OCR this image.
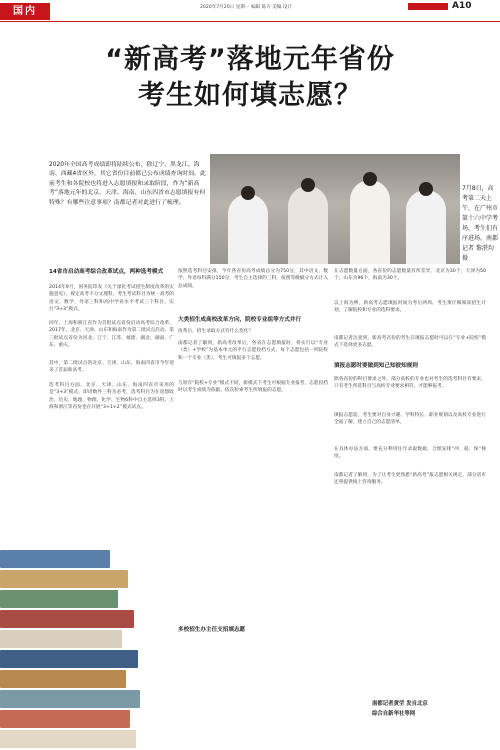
国内	2020年7月20日 星期一 编辑 陈卉 美编 设计	A10
“新高考”落地元年省份
考生如何填志愿？
2020年全国高考成绩即将陆续公布，除辽宁、黑龙江、海南、西藏4省区外，其它省份目前都已公布成绩查询时间。此前考生和各院校也将进入志愿填报和录取阶段，作为“新高考”落地元年的北京、天津、海南、山东四省市志愿填报有何特殊？有哪些注意事项？南都记者对此进行了梳理。
7月8日，高考第二天上午，在广州市第十六中学考场，考生们有序进场。南都记者 黎湛均 摄
14省市启动高考综合改革试点，两种选考模式
2014年9月，国务院印发《关于深化考试招生制度改革的实施意见》，规定高考不分文理科，考生考试科目为统一高考的语文、数学、外语三科和高中学业水平考试三个科目，实行“3+3”模式。
同年，上海和浙江省作为首批试点省份启动高考综合改革，2017年，北京、天津、山东和海南作为第二批试点启动。第三批试点省份为河北、辽宁、江苏、福建、湖北、湖南、广东、重庆。
其中，第二批试点的北京、天津、山东、海南四省市今年迎来了首届新高考。
选考科目方面，北京、天津、山东、海南四省市采用的是“3+3”模式，即语数外三科为必考，选考科目为在思想政治、历史、地理、物理、化学、生物6科中自主选择3科。上海和浙江等省份也在开展“3+1+2”模式试点。
按照选考科目安排，今年各省份高考成绩总分为750分，其中语文、数学、外语每科满分150分，考生自主选择的三科，按照等级赋分方式计入总成绩。
大类招生成高校改革方向，院校专业组等方式并行
改革后，招生录取方式有什么变化？
南都记者了解到，新高考改革后，各省在志愿填报时，将实行以“专业（类）+学校”为基本单元的平行志愿投档方式，每个志愿包括一所院校和一个专业（类），考生可填报多个志愿。
与原有“院校+专业”模式不同，新模式下考生可根据专业报考，志愿投档时以考生成绩为依据，依次检索考生所填报的志愿。
多校招生办主任支招填志愿
在志愿数量方面，各省份的志愿数量有所差异，北京为30个，天津为50个，山东为96个，海南为30个。
以上海为例，新高考志愿填报时间为考后两周。考生须仔细阅读招生计划，了解院校和专业的选科要求。
南都记者注意到，新高考省份的考生在填报志愿时可以在“专业+院校”模式下选择更多志愿。
填报志愿时要做到知己知彼知规则
除各省份的科目要求之外，部分高校的专业也对考生的选考科目有要求，只有考生所选科目与高校专业要求相符，才能够报考。
填报志愿前，考生要对自身兴趣、学科特长、职业规划以及高校专业进行全面了解，建立自己的志愿清单。
在具体办法方面，要充分利用往年录取数据，合理安排“冲、稳、保”梯度。
南都记者了解到，为了让考生更熟悉“新高考”报志愿相关规定，部分省市还将提供线上咨询服务。
南都记者黄茔 发自北京
综合自新华社等网
